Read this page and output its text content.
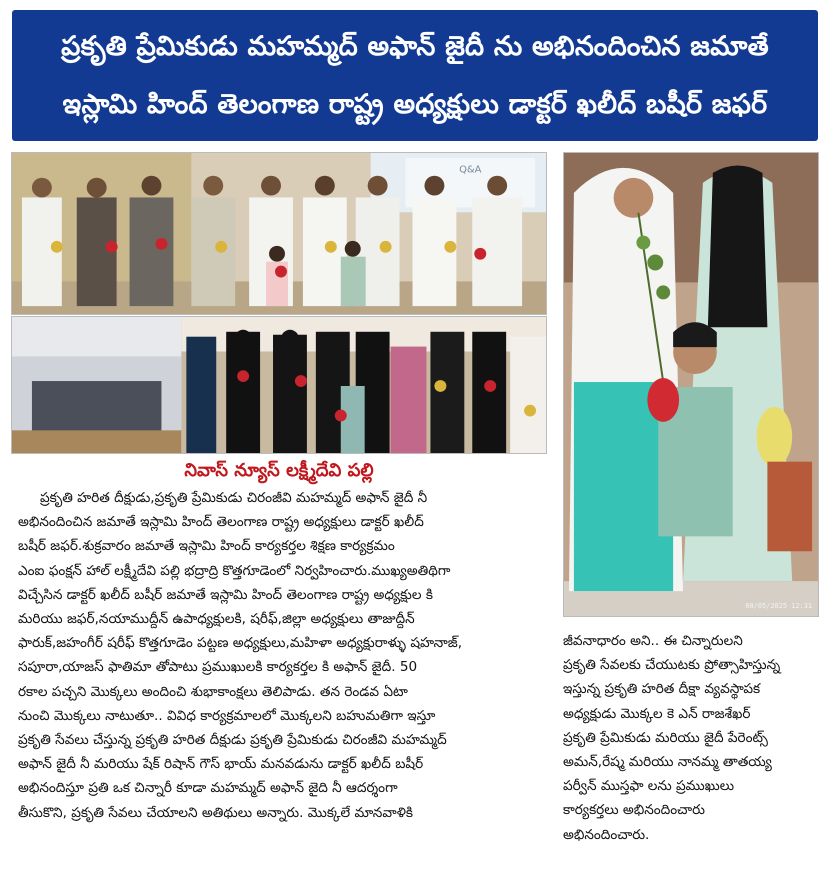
ప్రకృతి ప్రేమికుడు మహమ్మద్ అఫాన్ జైదీ ను అభినందించిన జమాతే
ఇస్లామి హింద్ తెలంగాణ రాష్ట్ర అధ్యక్షులు డాక్టర్ ఖలీద్ బషీర్ జఫర్
Q&A
08/05/2025 12:31
నివాస్ న్యూస్ లక్ష్మీదేవి పల్లి
ప్రకృతి హరిత దీక్షుడు,ప్రకృతి ప్రేమికుడు చిరంజీవి మహమ్మద్ అఫాన్ జైదీ నీ
అభినందించిన జమాతే ఇస్లామి హింద్ తెలంగాణ రాష్ట్ర అధ్యక్షులు డాక్టర్ ఖలీద్
బషీర్ జఫర్.శుక్రవారం జమాతే ఇస్లామి హింద్ కార్యకర్తల శిక్షణ కార్యక్రమం
ఎంఐ ఫంక్షన్ హాల్ లక్ష్మీదేవి పల్లి భద్రాద్రి కొత్తగూడెంలో నిర్వహించారు.ముఖ్యఅతిథిగా
విచ్చేసిన డాక్టర్ ఖలీద్ బషీర్ జమాతే ఇస్లామి హింద్ తెలంగాణ రాష్ట్ర అధ్యక్షుల కి
మరియు జఫర్,నయాముద్దీన్ ఉపాధ్యక్షులకి, షరీఫ్,జిల్లా అధ్యక్షులు తాజుద్దీన్
ఫారుక్,జహంగీర్ షరీఫ్ కొత్తగూడెం పట్టణ అధ్యక్షులు,మహిళా అధ్యక్షురాళ్ళు షహనాజ్,
సపూరా,యాజస్ ఫాతిమా తోపాటు ప్రముఖులకి కార్యకర్తల కి అఫాన్ జైదీ. 50
రకాల పచ్చని మొక్కలు అందించి శుభాకాంక్షలు తెలిపాడు. తన రెండవ ఏటా
నుంచి మొక్కలు నాటుతూ.. వివిధ కార్యక్రమాలలో మొక్కలని బహుమతిగా ఇస్తూ
ప్రకృతి సేవలు చేస్తున్న ప్రకృతి హరిత దీక్షుడు ప్రకృతి ప్రేమికుడు చిరంజీవి మహమ్మద్
అఫాన్ జైదీ నీ మరియు షేక్ రిషాన్ గౌస్ భాయ్ మనవడును డాక్టర్ ఖలీద్ బషీర్
అభినందిస్తూ ప్రతి ఒక చిన్నారీ కూడా మహమ్మద్ అఫాన్ జైది నీ ఆదర్శంగా
తీసుకొని, ప్రకృతి సేవలు చేయాలని అతిథులు అన్నారు. మొక్కలే మానవాళికి
జీవనాధారం అని.. ఈ చిన్నారులని
ప్రకృతి సేవలకు చేయుటకు ప్రోత్సాహిస్తున్న
ఇస్తున్న ప్రకృతి హరిత దీక్షా వ్యవస్థాపక
అధ్యక్షుడు మొక్కల కె ఎన్ రాజశేఖర్
ప్రకృతి ప్రేమికుడు మరియు జైదీ పేరెంట్స్
అమన్,రేష్మ మరియు నానమ్మ తాతయ్య
పర్వీన్ ముస్తఫా లను ప్రముఖులు
కార్యకర్తలు అభినందించారు
అభినందించారు.
